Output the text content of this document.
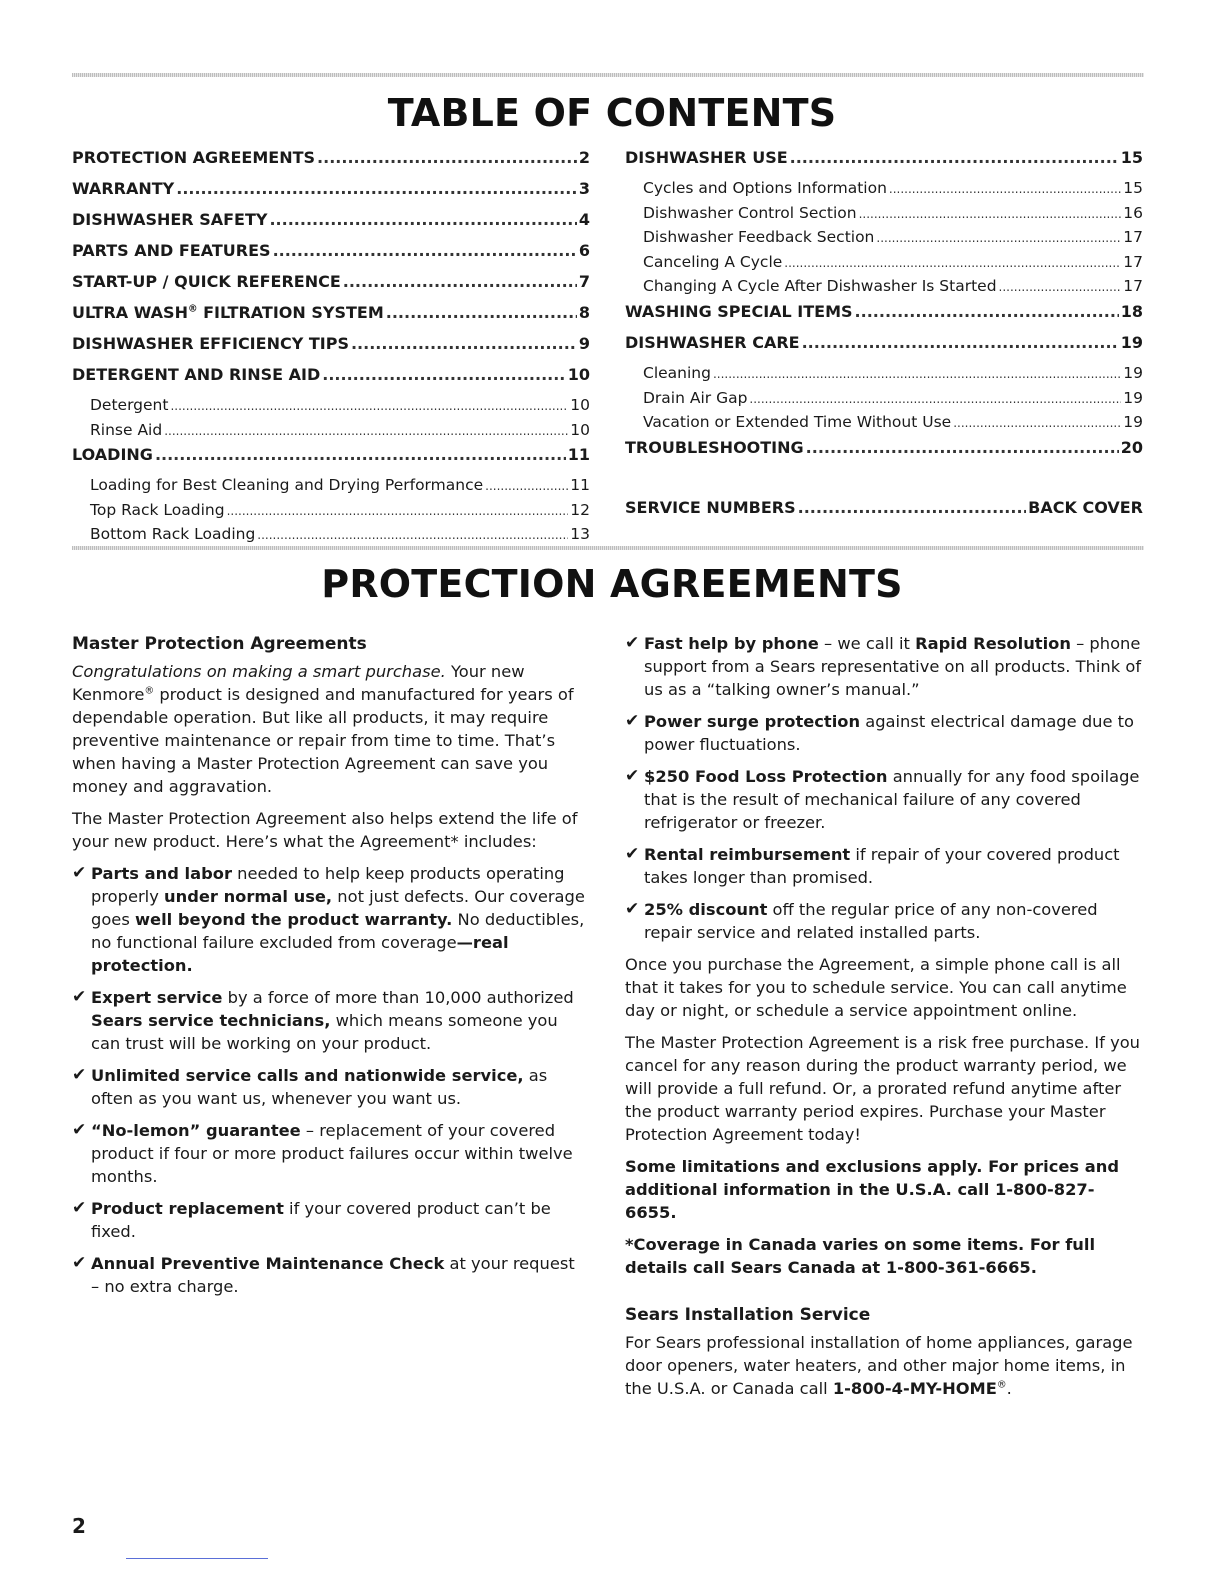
TABLE OF CONTENTS
PROTECTION AGREEMENTS .....	2
WARRANTY .....	3
DISHWASHER SAFETY .....	4
PARTS AND FEATURES .....	6
START-UP / QUICK REFERENCE .....	7
ULTRA WASH® FILTRATION SYSTEM .....	8
DISHWASHER EFFICIENCY TIPS .....	9
DETERGENT AND RINSE AID .....	10
Detergent .....	10
Rinse Aid .....	10
LOADING .....	11
Loading for Best Cleaning and Drying Performance .....	11
Top Rack Loading .....	12
Bottom Rack Loading .....	13
DISHWASHER USE .....	15
Cycles and Options Information .....	15
Dishwasher Control Section .....	16
Dishwasher Feedback Section .....	17
Canceling A Cycle .....	17
Changing A Cycle After Dishwasher Is Started .....	17
WASHING SPECIAL ITEMS .....	18
DISHWASHER CARE .....	19
Cleaning .....	19
Drain Air Gap .....	19
Vacation or Extended Time Without Use .....	19
TROUBLESHOOTING .....	20
SERVICE NUMBERS .....	BACK COVER
PROTECTION AGREEMENTS
Master Protection Agreements

Congratulations on making a smart purchase. Your new Kenmore® product is designed and manufactured for years of dependable operation. But like all products, it may require preventive maintenance or repair from time to time. That’s when having a Master Protection Agreement can save you money and aggravation.

The Master Protection Agreement also helps extend the life of your new product. Here’s what the Agreement* includes:

✔ Parts and labor needed to help keep products operating properly under normal use, not just defects. Our coverage goes well beyond the product warranty. No deductibles, no functional failure excluded from coverage—real protection.
✔ Expert service by a force of more than 10,000 authorized Sears service technicians, which means someone you can trust will be working on your product.
✔ Unlimited service calls and nationwide service, as often as you want us, whenever you want us.
✔ “No-lemon” guarantee – replacement of your covered product if four or more product failures occur within twelve months.
✔ Product replacement if your covered product can’t be fixed.
✔ Annual Preventive Maintenance Check at your request – no extra charge.
✔ Fast help by phone – we call it Rapid Resolution – phone support from a Sears representative on all products. Think of us as a “talking owner’s manual.”
✔ Power surge protection against electrical damage due to power fluctuations.
✔ $250 Food Loss Protection annually for any food spoilage that is the result of mechanical failure of any covered refrigerator or freezer.
✔ Rental reimbursement if repair of your covered product takes longer than promised.
✔ 25% discount off the regular price of any non-covered repair service and related installed parts.

Once you purchase the Agreement, a simple phone call is all that it takes for you to schedule service. You can call anytime day or night, or schedule a service appointment online.

The Master Protection Agreement is a risk free purchase. If you cancel for any reason during the product warranty period, we will provide a full refund. Or, a prorated refund anytime after the product warranty period expires. Purchase your Master Protection Agreement today!

Some limitations and exclusions apply. For prices and additional information in the U.S.A. call 1-800-827-6655.

*Coverage in Canada varies on some items. For full details call Sears Canada at 1-800-361-6665.

Sears Installation Service

For Sears professional installation of home appliances, garage door openers, water heaters, and other major home items, in the U.S.A. or Canada call 1-800-4-MY-HOME®.

2
